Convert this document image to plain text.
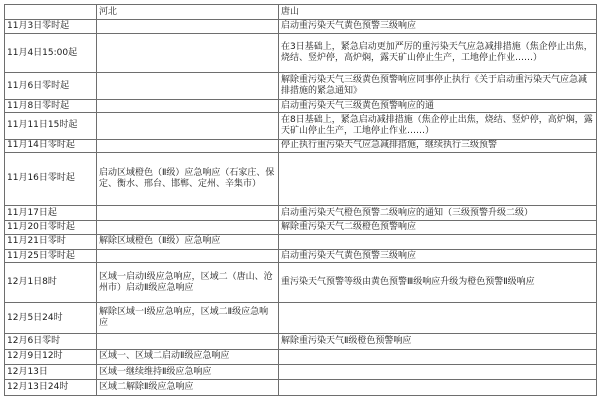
	河北	唐山
11月3日零时起		启动重污染天气黄色预警三级响应
11月4日15:00起		在3日基础上，紧急启动更加严厉的重污染天气应急减排措施（焦企停止出焦，烧结、竖炉停，高炉焖，露天矿山停止生产，工地停止作业……）
11月6日零时起		解除重污染天气三级黄色预警响应同事停止执行《关于启动重污染天气应急减排措施的紧急通知》
11月8日零时起		启动重污染天气三级黄色预警响应的通
11月11日15时起		在8日基础上，紧急启动减排措施（焦企停止出焦，烧结、竖炉停，高炉焖，露天矿山停止生产，工地停止作业……）
11月14日零时起		停止执行重污染天气应急减排措施，继续执行三级预警
11月16日零时起	启动区域橙色（Ⅱ级）应急响应（石家庄、保定、衡水、邢台、邯郸、定州、辛集市）	
11月17日起		启动重污染天气橙色预警二级响应的通知（三级预警升级二级）
11月20日零时起		解除重污染天气二级橙色预警响应
11月21日零时	解除区域橙色（Ⅱ级）应急响应	
11月25日零时起		启动重污染天气黄色预警三级响应
12月1日8时	区域一启动Ⅰ级应急响应，区域二（唐山、沧州市）启动Ⅱ级应急响应	重污染天气预警等级由黄色预警Ⅲ级响应升级为橙色预警Ⅱ级响应
12月5日24时	解除区域一Ⅰ级应急响应，区域二Ⅱ级应急响应	
12月6日零时		解除重污染天气Ⅱ级橙色预警响应
12月9日12时	区域一、区域二启动Ⅱ级应急响应	
12月13日	区域一继续维持Ⅱ级应急响应	
12月13日24时	区域二解除Ⅱ级应急响应	
